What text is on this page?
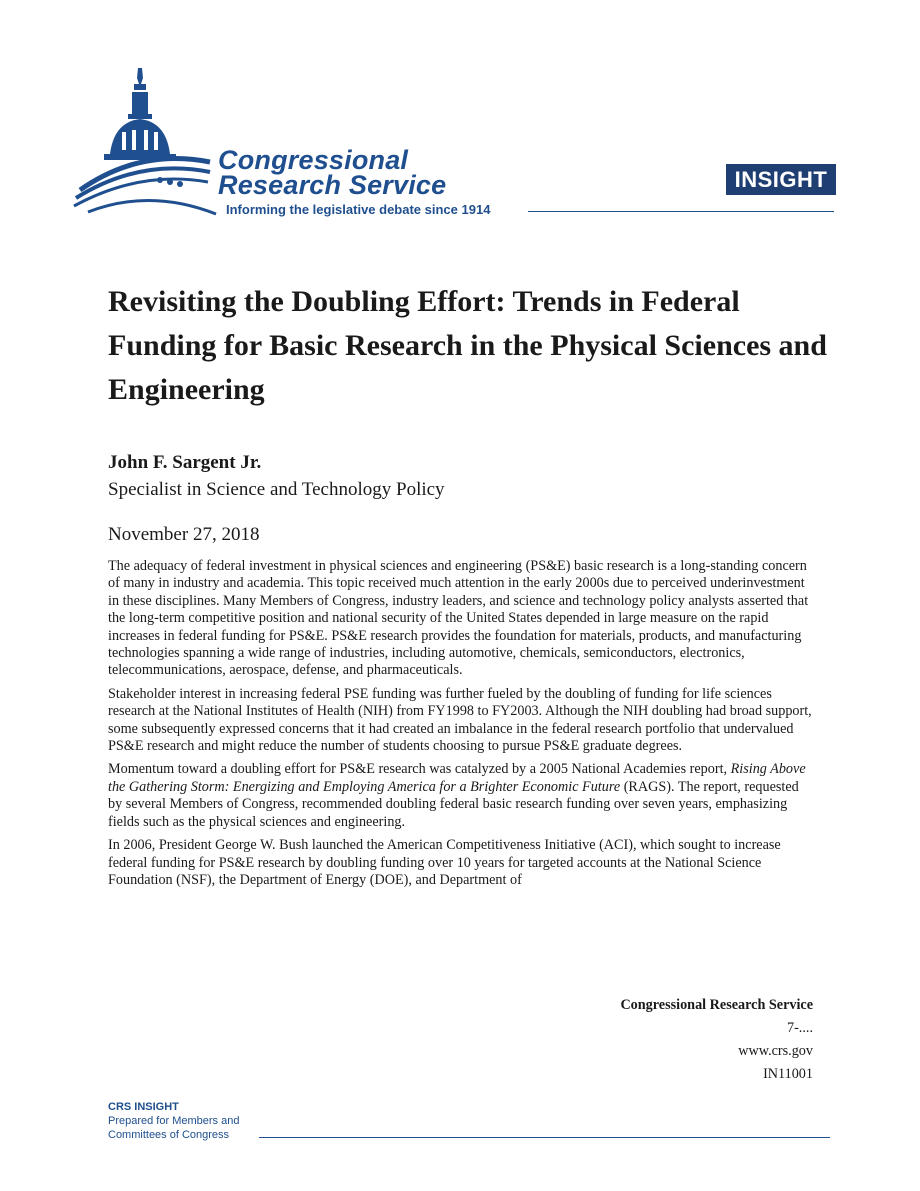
Congressional
Research Service
Informing the legislative debate since 1914
INSIGHT
Revisiting the Doubling Effort: Trends in Federal Funding for Basic Research in the Physical Sciences and Engineering
John F. Sargent Jr.
Specialist in Science and Technology Policy
November 27, 2018

The adequacy of federal investment in physical sciences and engineering (PS&E) basic research is a long-standing concern of many in industry and academia. This topic received much attention in the early 2000s due to perceived underinvestment in these disciplines. Many Members of Congress, industry leaders, and science and technology policy analysts asserted that the long-term competitive position and national security of the United States depended in large measure on the rapid increases in federal funding for PS&E. PS&E research provides the foundation for materials, products, and manufacturing technologies spanning a wide range of industries, including automotive, chemicals, semiconductors, electronics, telecommunications, aerospace, defense, and pharmaceuticals.

Stakeholder interest in increasing federal PSE funding was further fueled by the doubling of funding for life sciences research at the National Institutes of Health (NIH) from FY1998 to FY2003. Although the NIH doubling had broad support, some subsequently expressed concerns that it had created an imbalance in the federal research portfolio that undervalued PS&E research and might reduce the number of students choosing to pursue PS&E graduate degrees.

Momentum toward a doubling effort for PS&E research was catalyzed by a 2005 National Academies report, Rising Above the Gathering Storm: Energizing and Employing America for a Brighter Economic Future (RAGS). The report, requested by several Members of Congress, recommended doubling federal basic research funding over seven years, emphasizing fields such as the physical sciences and engineering.

In 2006, President George W. Bush launched the American Competitiveness Initiative (ACI), which sought to increase federal funding for PS&E research by doubling funding over 10 years for targeted accounts at the National Science Foundation (NSF), the Department of Energy (DOE), and Department of

Congressional Research Service
7-....
www.crs.gov
IN11001
CRS INSIGHT
Prepared for Members and
Committees of Congress
